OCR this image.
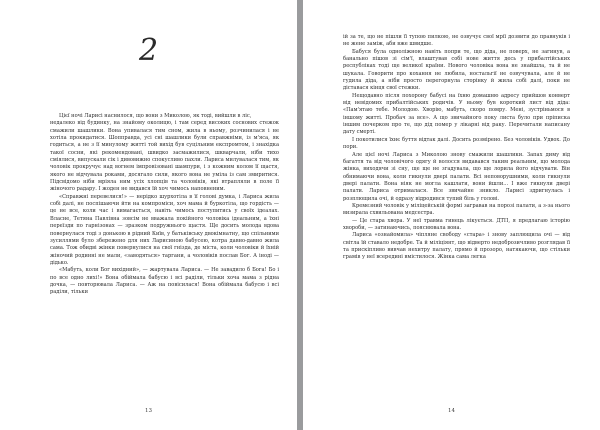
2

Цієї ночі Ларисі наснилося, що вони з Миколою, як тоді, вийшли в ліс,
недалеко від будинку, на знайому околицю, і там серед високих соснових стежок смажили шашлики. Вона упивалася тим сном, жила в ньому, розчинилася і не хотіла прокидатися. Шопправда, усі сні шашлики були справжніми, із м'яса, як годиться, а не з її минулому житті той вихід був суцільним експромтом, і знахідка такої сосни, які рекомендовані, швидко засмажилися, шкварчали, ніби тихо сміялися, випускали сік і дивовижно спокусливо пахли. Лариса милувалася тим, як чоловік прокручує над вогнем імпровізовані шампури, і з кожним колом її щастя, якого не відчувала роками, досягало сили, якого вона не уміла із сам змиритися. Підсвідомо ніби мріяла ним усіх хлопців та чоловіків, які втрапляли в поле її жіночого радару. І жоден не видався їй хоч чимось наповненим.

«Справжні перевелися!» — нерідко шурхотіла в її голові думка, і Лариса жила собі далі, не поспішаючи йти на компроміси, хоч мама й буркотіла, що гордість — це не все, коли час і вимагається, навіть чимось поступитись у своїх ідеалах. Власне, Тетяна Павлівна зовсім не вважала покійного чоловіка ідеальним, а їхні переїзди по гарнізонах — зразком подружнього щастя. Ще досить молода вдова повернулася тоді з донькою в рідний Київ, у батьківську двокімнатну, що спільними зусиллями було збережено для них Ларисиною бабусею, котра давно-давно жила сама. Тож обидві жінки повернулися на свої гнізда, де міста, коли чоловіки й їхній жіночий родинні не мали, «заводяться» таргани, а чоловіків послав Бог. А іноді — дідько.

«Мабуть, коли Бог вихідний», — жартувала Лариса. — Не завадило б Бога! Бо і по все одно лихі!» Вона обіймала бабусю і всі раділи, тільки хоча мама з рідна дочка, — повторювала Лариса. — Аж на повісилася! Вона обіймала бабусю і всі раділи, тільки

13

ій за те, що не пішли її тупою пилкою, не озвучує свої мрії дозвити до правнуків і не жене заміж, аби вже швидше.

Бабуся була одноліжною навіть попри те, що діда, не поверх, не загинув, а банально пішов зі сім'ї, влаштував собі нове життя десь у прибалтійських республіках тоді ще великої країни. Нового чоловіка вона не знайшла, та й не шукала. Говорити про кохання не любила, ностальгії не озвучувала, але й не гудила діда, а ніби просто перегорнула сторінку й жила собі далі, поки не діставася кінця свої стежки.

Нещодавно після похорону бабусі на їхню домашню адресу прийшов конверт від невідомих прибалтійських родичів. У ньому був короткий лист від діда: «Пам'ятаю тебе. Молодою. Хворію, мабуть, скоро помру. Мені, зустріньмося в іншому житті. Пробач за все». А що звичайного поку листа було при пріписка іншим почерком про те, що дід помер у лікарні від раку. Перечитали написану дату смерті.

І покотилися їхнє буття відтак далі. Досить розмірено. Без чоловіків. Удвох. До пори.

Але цієї ночі Лариса з Миколою знову смажили шашлики. Запах диму від багаття та від чоловічого одягу й волосся видавався таким реальним, що молода жінка, виходячи зі сну, ще ще не згадувала, що ще лорила його відчувати. Він обнимаючи вона, коли гикнули двері палати. Всі неповорушними, коли гикнули двері палати. Вона ніяк не могла кашлати, вони йшли... І вже гикнули двері палати. Лариса отрималася. Все звичайне зникло. Ларисі здригнулась і розплющила очі, й одразу відродився тупий біль у голові.

Кремезний чоловік у міліцейській формі загравав на порозі палати, а з-за нього визирала схвильована медсестра.

— Це стара хвора. У неї травма гинець лікується. ДТП, я предлагаю історію хвороби, — затинаючись, пояснювала вона.

Лариса «ознайомила» чіпляне свободу «стара» і знову заплющила очі — від світла їй ставало недобре. Та й міліціянт, що відверто недоброзичливо розглядав її та прискіпливо вивчав нехитру палату, прямо й прозоро, натякаючи, що стільки грамів у неї всередині вмістилося. Жінка сама легка

14
